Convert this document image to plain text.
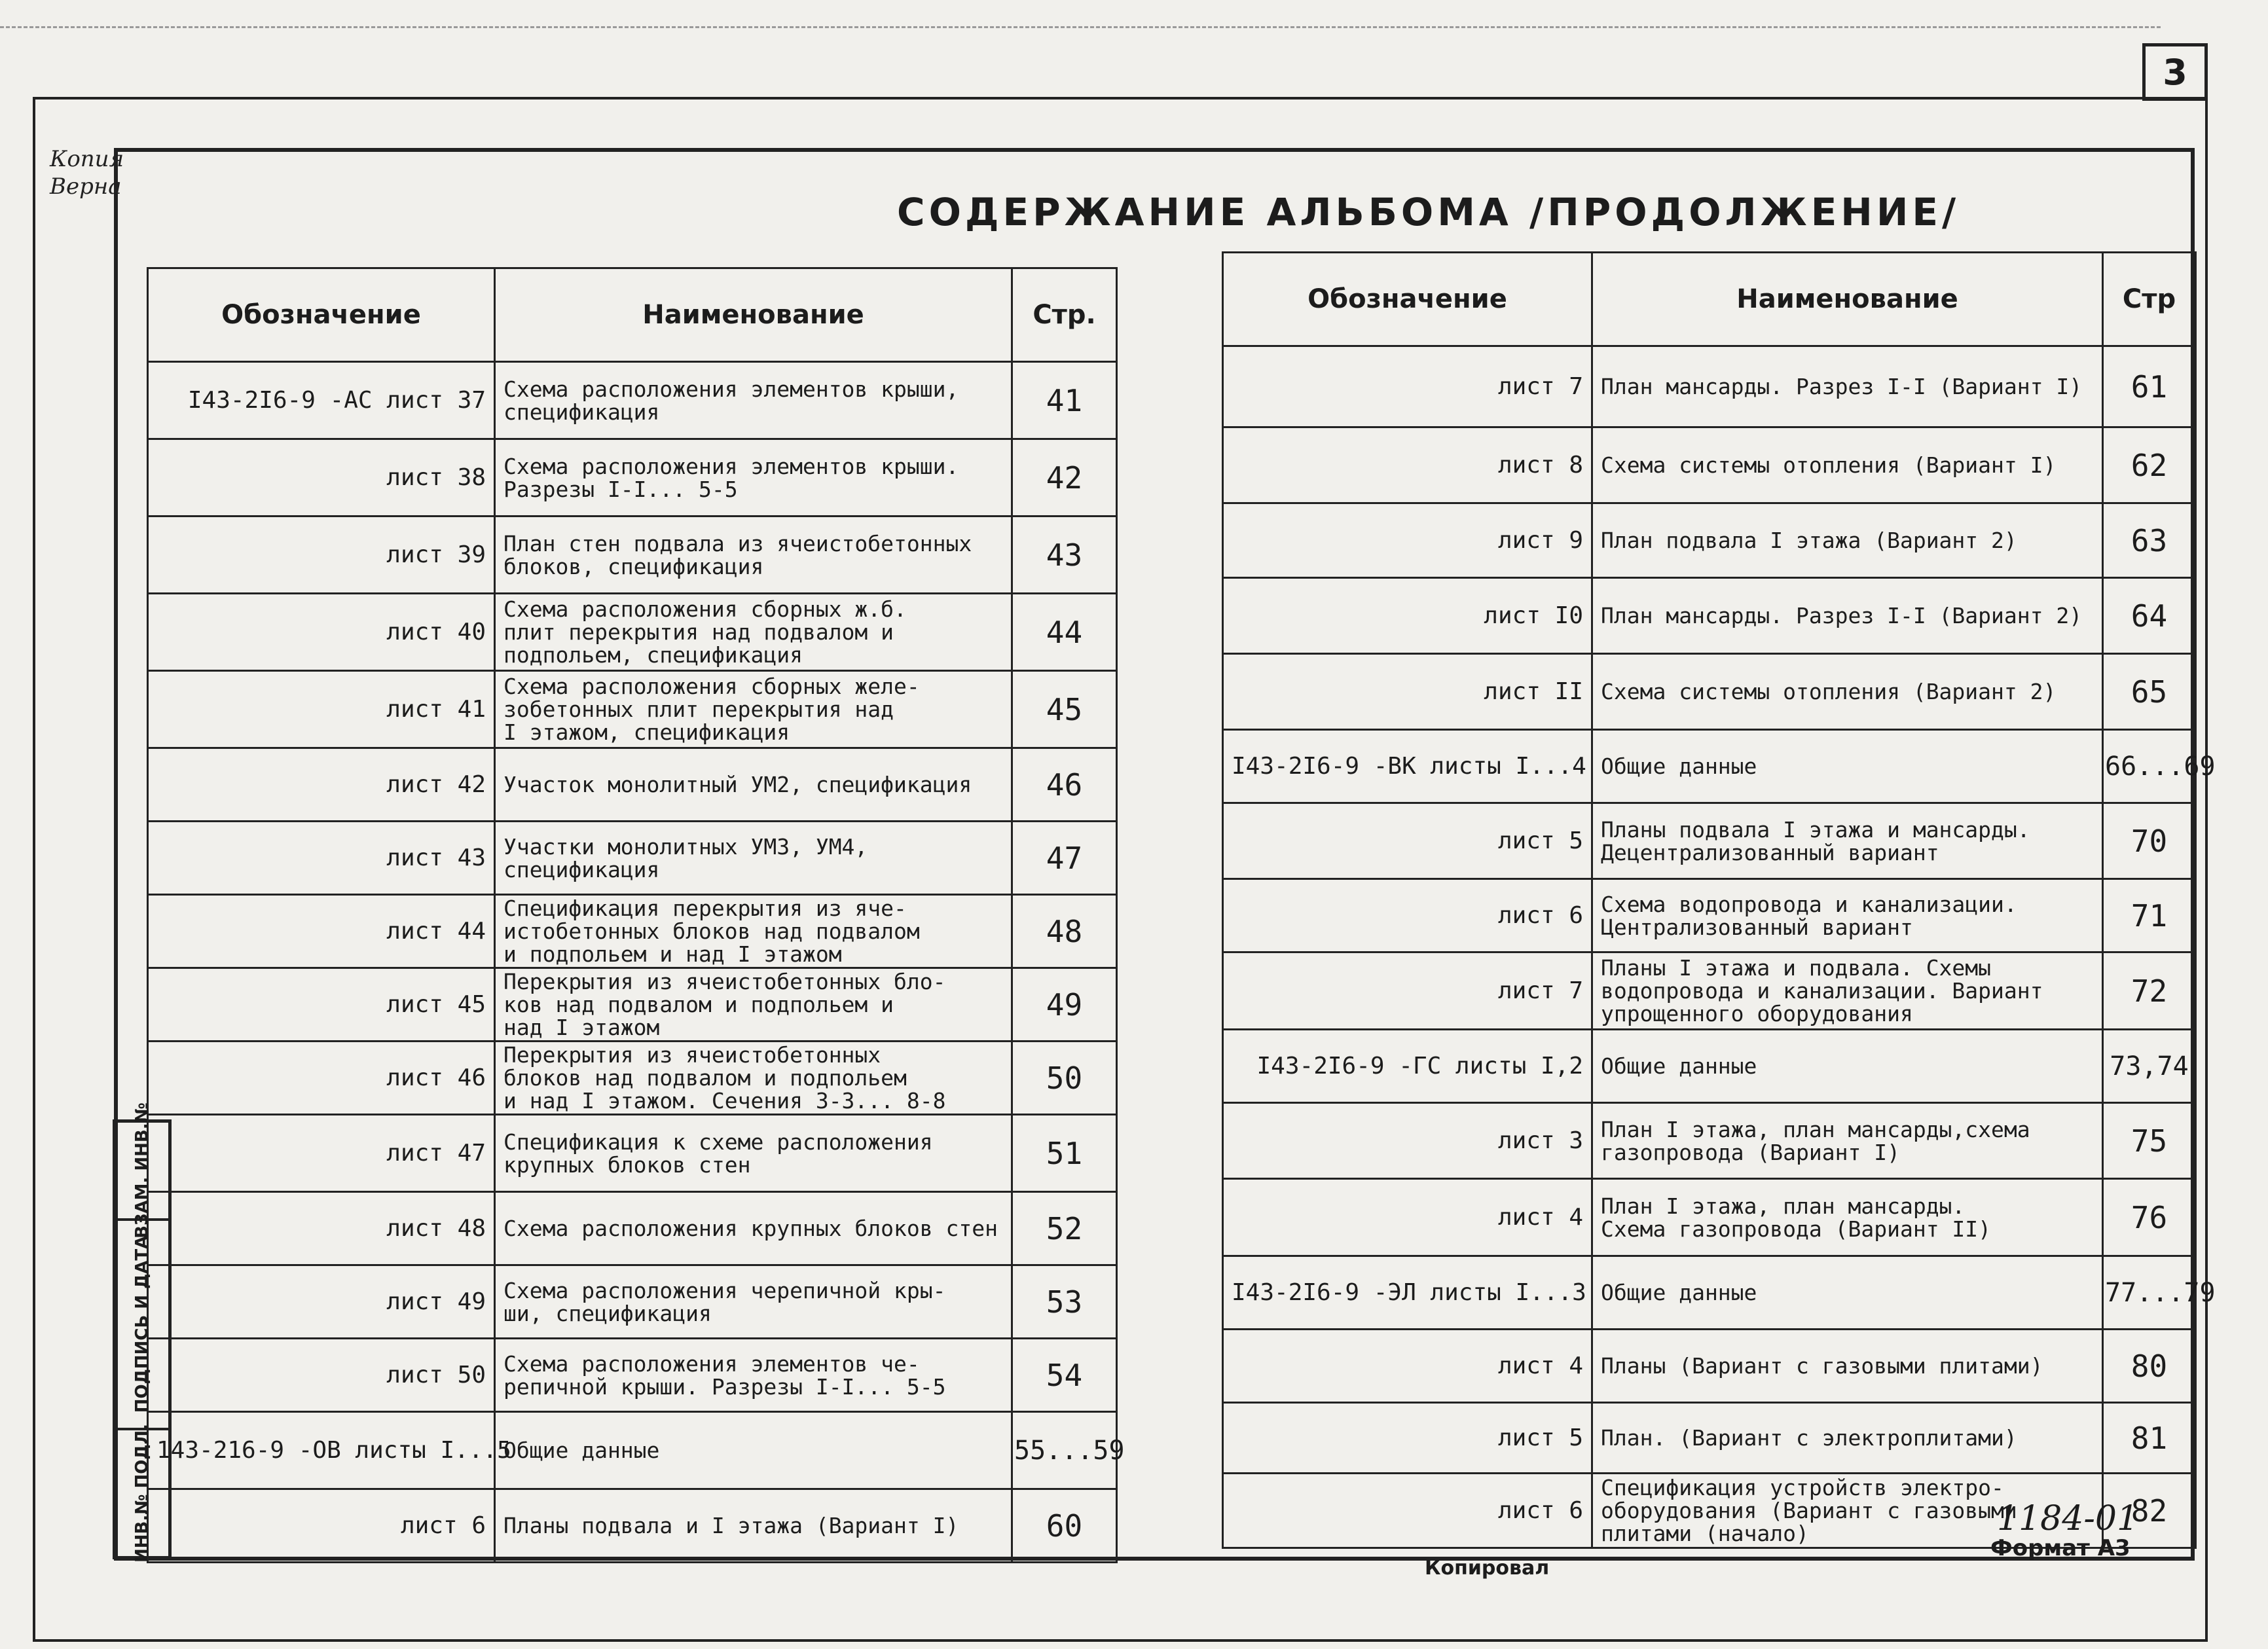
3
Копия
Верна
СОДЕРЖАНИЕ АЛЬБОМА /ПРОДОЛЖЕНИЕ/
Обозначение	Наименование	Стр.
I43-2I6-9 -АС лист 37	Схема расположения элементов крыши,
спецификация	41
лист 38	Схема расположения элементов крыши.
Разрезы I-I... 5-5	42
лист 39	План стен подвала из ячеистобетонных
блоков, спецификация	43
лист 40	Схема расположения сборных ж.б.
плит перекрытия над подвалом и
подпольем, спецификация	44
лист 41	Схема расположения сборных желе-
зобетонных плит перекрытия над
I этажом, спецификация	45
лист 42	Участок монолитный УМ2, спецификация	46
лист 43	Участки монолитных УМ3, УМ4,
спецификация	47
лист 44	Спецификация перекрытия из яче-
истобетонных блоков над подвалом
и подпольем и над I этажом	48
лист 45	Перекрытия из ячеистобетонных бло-
ков над подвалом и подпольем и
над I этажом	49
лист 46	Перекрытия из ячеистобетонных
блоков над подвалом и подпольем
и над I этажом. Сечения 3-3... 8-8	50
лист 47	Спецификация к схеме расположения
крупных блоков стен	51
лист 48	Схема расположения крупных блоков стен	52
лист 49	Схема расположения черепичной кры-
ши, спецификация	53
лист 50	Схема расположения элементов че-
репичной крыши. Разрезы I-I... 5-5	54
143-216-9 -ОВ листы I...5	Общие данные	55...59
лист 6	Планы подвала и I этажа (Вариант I)	60
Обозначение	Наименование	Стр
лист 7	План мансарды. Разрез I-I (Вариант I)	61
лист 8	Схема системы отопления (Вариант I)	62
лист 9	План подвала I этажа (Вариант 2)	63
лист I0	План мансарды. Разрез I-I (Вариант 2)	64
лист II	Схема системы отопления (Вариант 2)	65
I43-2I6-9 -ВК листы I...4	Общие данные	66...69
лист 5	Планы подвала I этажа и мансарды.
Децентрализованный вариант	70
лист 6	Схема водопровода и канализации.
Централизованный вариант	71
лист 7	Планы I этажа и подвала. Схемы
водопровода и канализации. Вариант
упрощенного оборудования	72
I43-2I6-9 -ГС листы I,2	Общие данные	73,74
лист 3	План I этажа, план мансарды,схема
газопровода (Вариант I)	75
лист 4	План I этажа, план мансарды.
Схема газопровода (Вариант II)	76
I43-2I6-9 -ЭЛ листы I...3	Общие данные	77...79
лист 4	Планы (Вариант с газовыми плитами)	80
лист 5	План. (Вариант с электроплитами)	81
лист 6	Спецификация устройств электро-
оборудования (Вариант с газовыми
плитами (начало)	82
ВЗАМ. ИНВ.№
ПОДПИСЬ И ДАТА
ИНВ.№ ПОДЛ.	1184-01
Формат А3
Копировал
